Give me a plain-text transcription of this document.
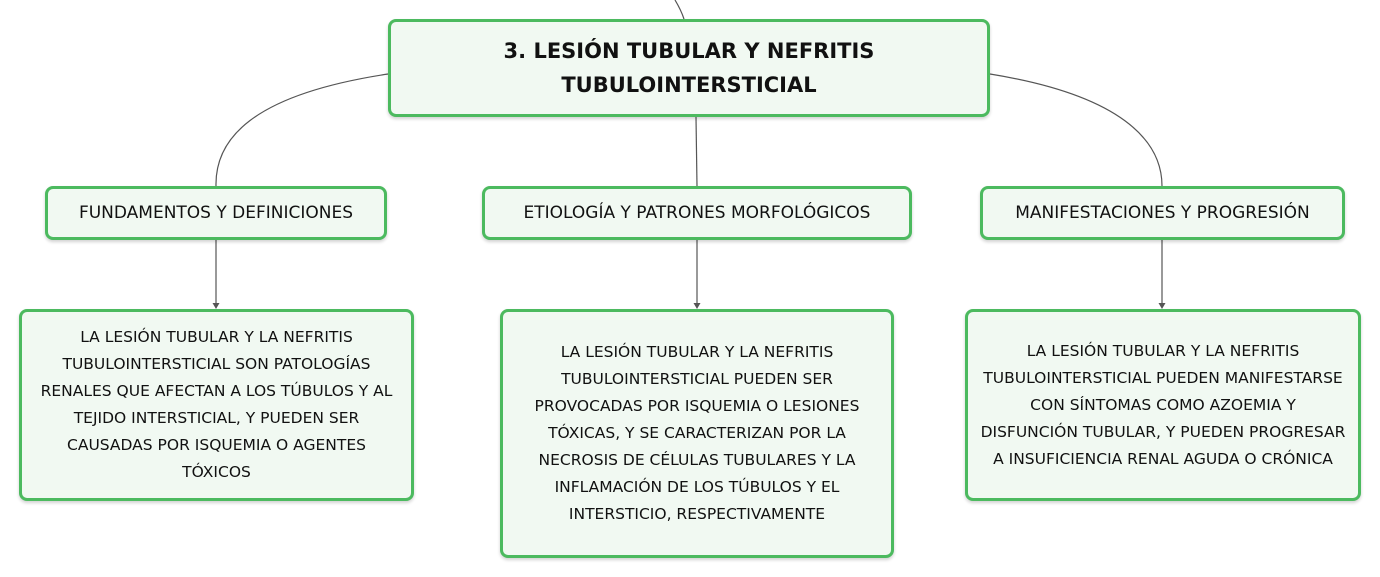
3. LESIÓN TUBULAR Y NEFRITIS TUBULOINTERSTICIAL
FUNDAMENTOS Y DEFINICIONES	ETIOLOGÍA Y PATRONES MORFOLÓGICOS	MANIFESTACIONES Y PROGRESIÓN
LA LESIÓN TUBULAR Y LA NEFRITIS TUBULOINTERSTICIAL SON PATOLOGÍAS RENALES QUE AFECTAN A LOS TÚBULOS Y AL TEJIDO INTERSTICIAL, Y PUEDEN SER CAUSADAS POR ISQUEMIA O AGENTES TÓXICOS
LA LESIÓN TUBULAR Y LA NEFRITIS TUBULOINTERSTICIAL PUEDEN SER PROVOCADAS POR ISQUEMIA O LESIONES TÓXICAS, Y SE CARACTERIZAN POR LA NECROSIS DE CÉLULAS TUBULARES Y LA INFLAMACIÓN DE LOS TÚBULOS Y EL INTERSTICIO, RESPECTIVAMENTE
LA LESIÓN TUBULAR Y LA NEFRITIS TUBULOINTERSTICIAL PUEDEN MANIFESTARSE CON SÍNTOMAS COMO AZOEMIA Y DISFUNCIÓN TUBULAR, Y PUEDEN PROGRESAR A INSUFICIENCIA RENAL AGUDA O CRÓNICA
